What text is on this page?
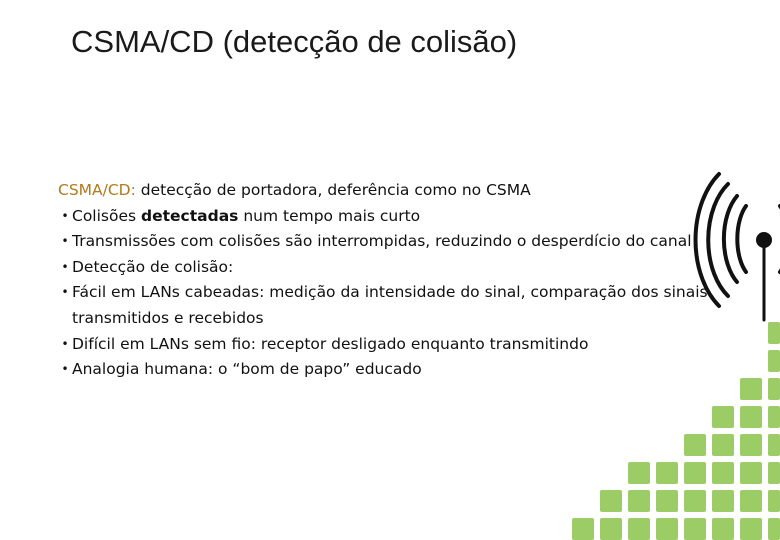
CSMA/CD (detecção de colisão)

CSMA/CD: detecção de portadora, deferência como no CSMA

• Colisões detectadas num tempo mais curto
• Transmissões com colisões são interrompidas, reduzindo o desperdício do canal
• Detecção de colisão:
• Fácil em LANs cabeadas: medição da intensidade do sinal, comparação dos sinais transmitidos e recebidos
• Difícil em LANs sem fio: receptor desligado enquanto transmitindo
• Analogia humana: o “bom de papo” educado
